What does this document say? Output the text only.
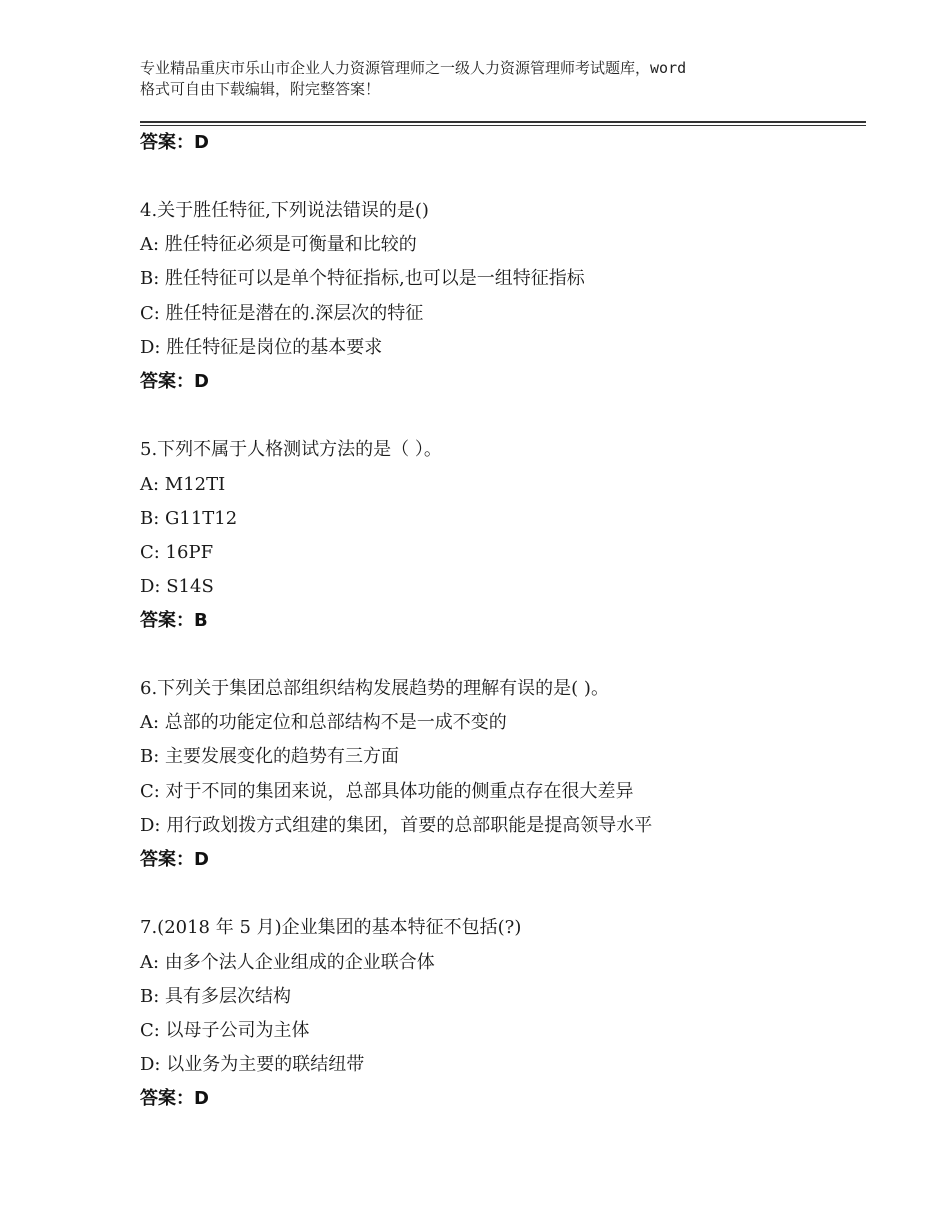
专业精品重庆市乐山市企业人力资源管理师之一级人力资源管理师考试题库，word
格式可自由下载编辑，附完整答案！
答案：D
4.关于胜任特征,下列说法错误的是()
A: 胜任特征必须是可衡量和比较的
B: 胜任特征可以是单个特征指标,也可以是一组特征指标
C: 胜任特征是潜在的.深层次的特征
D: 胜任特征是岗位的基本要求
答案：D
5.下列不属于人格测试方法的是（ ）。
A: M12TI
B: G11T12
C: 16PF
D: S14S
答案：B
6.下列关于集团总部组织结构发展趋势的理解有误的是( )。
A: 总部的功能定位和总部结构不是一成不变的
B: 主要发展变化的趋势有三方面
C: 对于不同的集团来说，总部具体功能的侧重点存在很大差异
D: 用行政划拨方式组建的集团，首要的总部职能是提高领导水平
答案：D
7.(2018 年 5 月)企业集团的基本特征不包括(?)
A: 由多个法人企业组成的企业联合体
B: 具有多层次结构
C: 以母子公司为主体
D: 以业务为主要的联结纽带
答案：D
